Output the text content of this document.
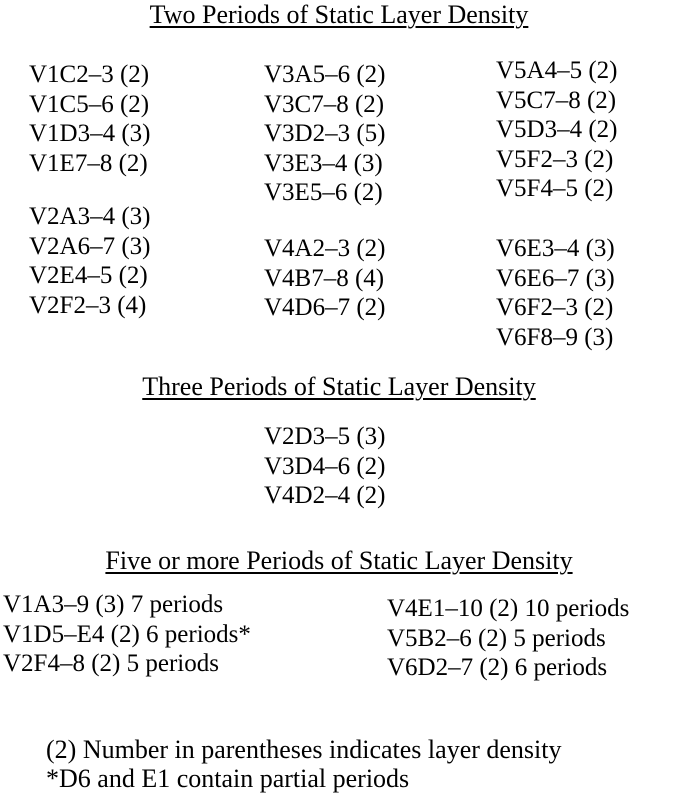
Two Periods of Static Layer Density
V1C2–3 (2)
V1C5–6 (2)
V1D3–4 (3)
V1E7–8 (2)
V2A3–4 (3)
V2A6–7 (3)
V2E4–5 (2)
V2F2–3 (4)
V3A5–6 (2)
V3C7–8 (2)
V3D2–3 (5)
V3E3–4 (3)
V3E5–6 (2)
V4A2–3 (2)
V4B7–8 (4)
V4D6–7 (2)
V5A4–5 (2)
V5C7–8 (2)
V5D3–4 (2)
V5F2–3 (2)
V5F4–5 (2)
V6E3–4 (3)
V6E6–7 (3)
V6F2–3 (2)
V6F8–9 (3)
Three Periods of Static Layer Density
V2D3–5 (3)
V3D4–6 (2)
V4D2–4 (2)
Five or more Periods of Static Layer Density
V1A3–9 (3) 7 periods
V1D5–E4 (2) 6 periods*
V2F4–8 (2) 5 periods
V4E1–10 (2) 10 periods
V5B2–6 (2) 5 periods
V6D2–7 (2) 6 periods
(2) Number in parentheses indicates layer density
*D6 and E1 contain partial periods
